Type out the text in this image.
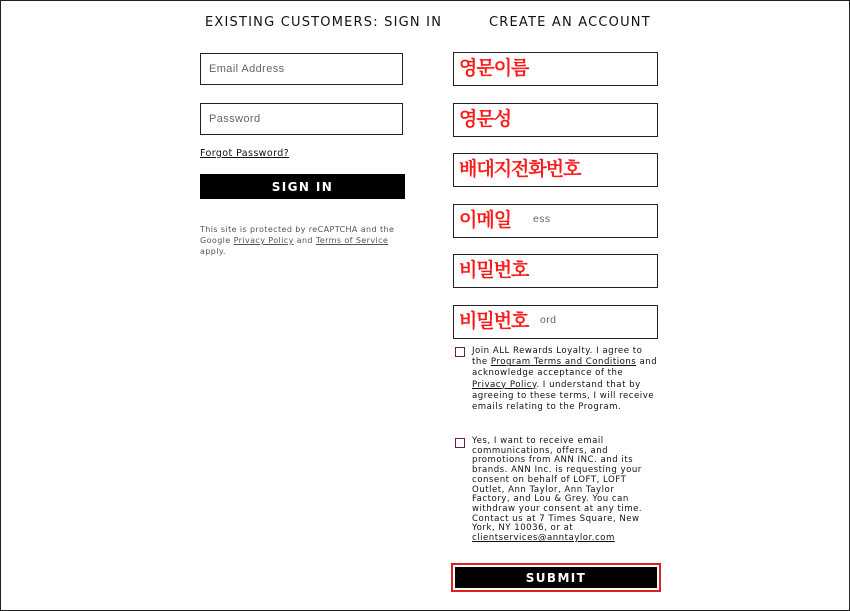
EXISTING CUSTOMERS: SIGN IN
Email Address
Password
Forgot Password?
SIGN IN
This site is protected by reCAPTCHA and the Google Privacy Policy and Terms of Service apply.
CREATE AN ACCOUNT
영문이름
영문성
배대지전화번호
ess
이메일
비밀번호
ord
비밀번호
Join ALL Rewards Loyalty. I agree to the Program Terms and Conditions and acknowledge acceptance of the Privacy Policy. I understand that by agreeing to these terms, I will receive emails relating to the Program.
Yes, I want to receive email communications, offers, and promotions from ANN INC. and its brands. ANN Inc. is requesting your consent on behalf of LOFT, LOFT Outlet, Ann Taylor, Ann Taylor Factory, and Lou & Grey. You can withdraw your consent at any time. Contact us at 7 Times Square, New York, NY 10036, or at clientservices@anntaylor.com
SUBMIT
